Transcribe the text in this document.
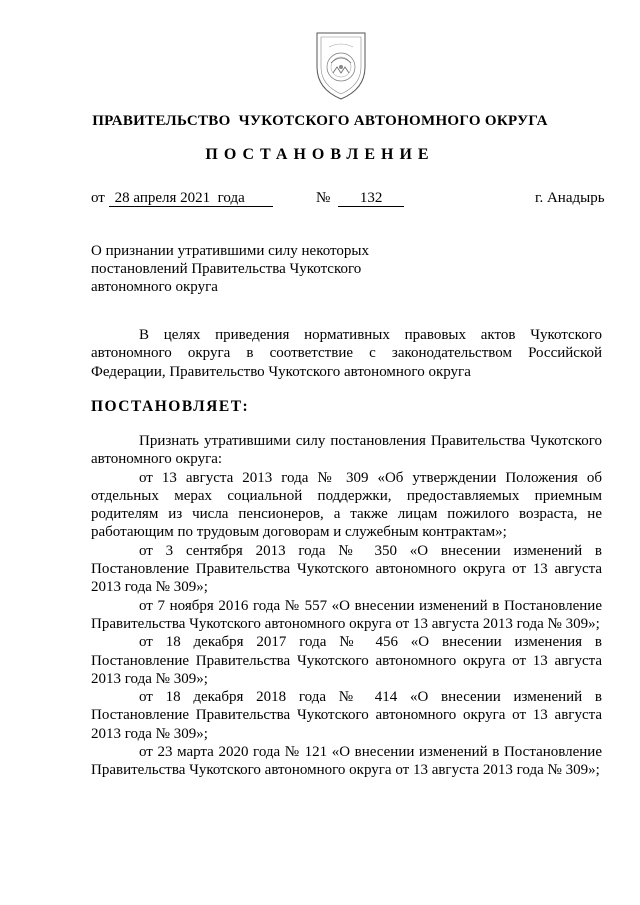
ПРАВИТЕЛЬСТВО  ЧУКОТСКОГО АВТОНОМНОГО ОКРУГА
ПОСТАНОВЛЕНИЕ
от 28 апреля 2021  года	№ 132	г. Анадырь
О признании утратившими силу некоторых постановлений Правительства Чукотского автономного округа
В целях приведения нормативных правовых актов Чукотского автономного округа в соответствие с законодательством Российской Федерации, Правительство Чукотского автономного округа
ПОСТАНОВЛЯЕТ:

Признать утратившими силу постановления Правительства Чукотского автономного округа:

от 13 августа 2013 года № 309 «Об утверждении Положения об отдельных мерах социальной поддержки, предоставляемых приемным родителям из числа пенсионеров, а также лицам пожилого возраста, не работающим по трудовым договорам и служебным контрактам»;

от 3 сентября 2013 года № 350 «О внесении изменений в Постановление Правительства Чукотского автономного округа от 13 августа 2013 года № 309»;

от 7 ноября 2016 года № 557 «О внесении изменений в Постановление Правительства Чукотского автономного округа от 13 августа 2013 года № 309»;

от 18 декабря 2017 года № 456 «О внесении изменения в Постановление Правительства Чукотского автономного округа от 13 августа 2013 года № 309»;

от 18 декабря 2018 года № 414 «О внесении изменений в Постановление Правительства Чукотского автономного округа от 13 августа 2013 года № 309»;

от 23 марта 2020 года № 121 «О внесении изменений в Постановление Правительства Чукотского автономного округа от 13 августа 2013 года № 309»;
